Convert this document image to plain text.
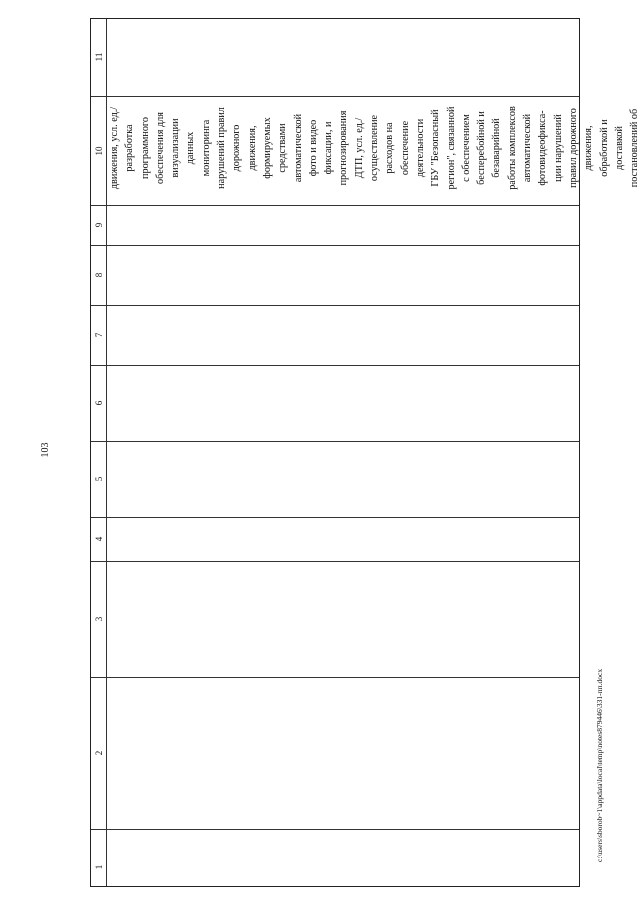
103
c:\users\sborob~1\appdata\local\temp\notes879446\331-пп.docx
11
10
9
8
7
6
5
4
3
2
1
движения, усл. ед./ разработка программного обеспечения для визуализации данных мониторинга нарушений правил дорожного движения, формируемых средствами автоматической фото и видео фиксации, и прогнозирования ДТП, усл. ед./ осуществление расходов на обеспечение деятельности ГБУ "Безопасный регион", связанной с обеспечением бесперебойной и безаварийной работы комплексов автоматической фотовидеофикса- ции нарушений правил дорожного движения, обработкой и доставкой постановлений об
